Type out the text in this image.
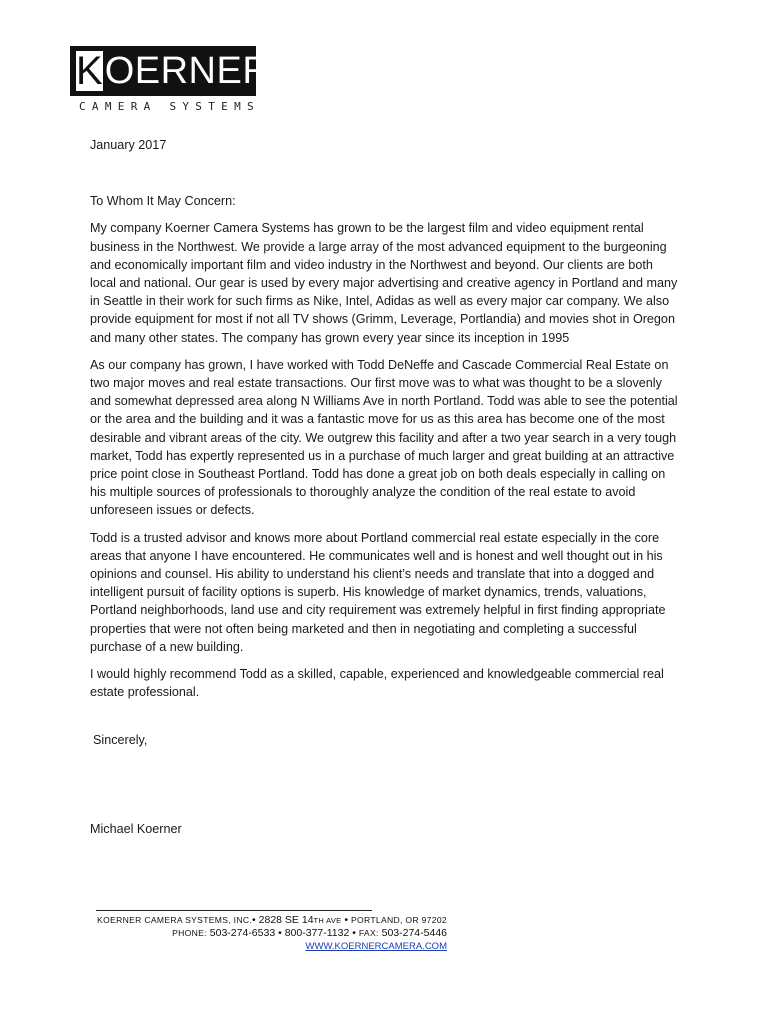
K OERNER
CAMERA SYSTEMS

January 2017

To Whom It May Concern:

My company Koerner Camera Systems has grown to be the largest film and video equipment rental business in the Northwest. We provide a large array of the most advanced equipment to the burgeoning and economically important film and video industry in the Northwest and beyond. Our clients are both local and national. Our gear is used by every major advertising and creative agency in Portland and many in Seattle in their work for such firms as Nike, Intel, Adidas as well as every major car company. We also provide equipment for most if not all TV shows (Grimm, Leverage, Portlandia) and movies shot in Oregon and many other states. The company has grown every year since its inception in 1995

As our company has grown, I have worked with Todd DeNeffe and Cascade Commercial Real Estate on two major moves and real estate transactions. Our first move was to what was thought to be a slovenly and somewhat depressed area along N Williams Ave in north Portland. Todd was able to see the potential or the area and the building and it was a fantastic move for us as this area has become one of the most desirable and vibrant areas of the city. We outgrew this facility and after a two year search in a very tough market, Todd has expertly represented us in a purchase of much larger and great building at an attractive price point close in Southeast Portland. Todd has done a great job on both deals especially in calling on his multiple sources of professionals to thoroughly analyze the condition of the real estate to avoid unforeseen issues or defects.

Todd is a trusted advisor and knows more about Portland commercial real estate especially in the core areas that anyone I have encountered. He communicates well and is honest and well thought out in his opinions and counsel. His ability to understand his client’s needs and translate that into a dogged and intelligent pursuit of facility options is superb. His knowledge of market dynamics, trends, valuations, Portland neighborhoods, land use and city requirement was extremely helpful in first finding appropriate properties that were not often being marketed and then in negotiating and completing a successful purchase of a new building.

I would highly recommend Todd as a skilled, capable, experienced and knowledgeable commercial real estate professional.

Sincerely,

Michael Koerner

KOERNER CAMERA SYSTEMS, INC.• 2828 SE 14TH AVE • PORTLAND, OR 97202
PHONE: 503-274-6533 • 800-377-1132 • FAX: 503-274-5446
WWW.KOERNERCAMERA.COM
